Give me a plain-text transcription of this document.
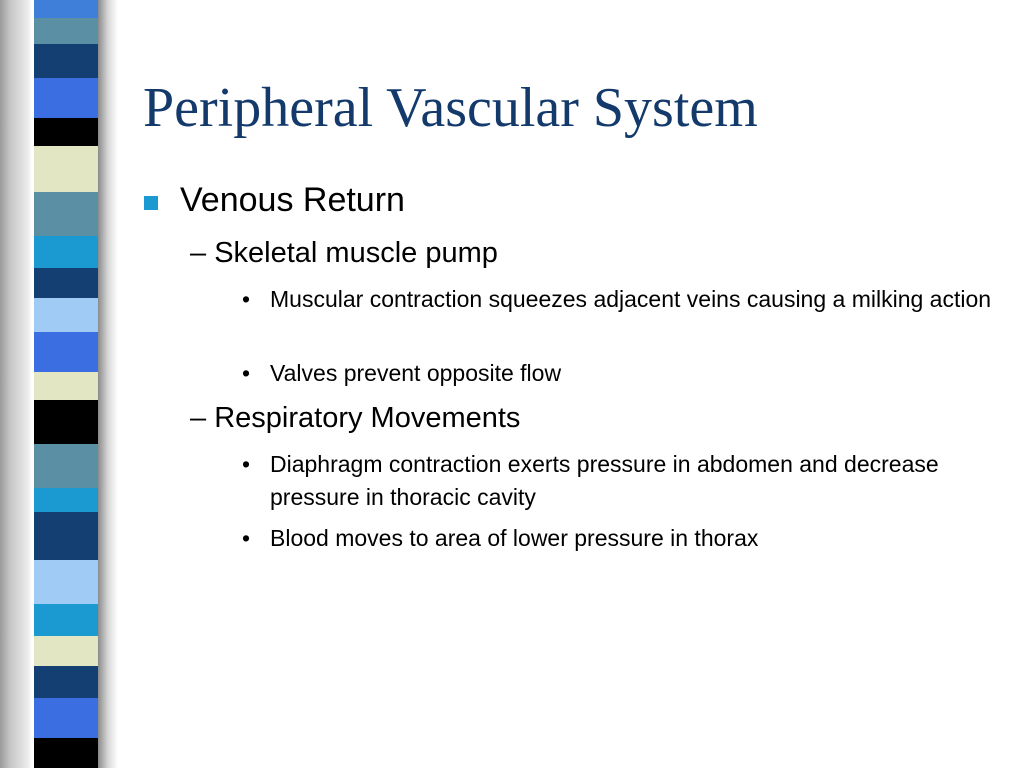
Peripheral Vascular System
Venous Return
– Skeletal muscle pump
• Muscular contraction squeezes adjacent veins causing a milking action
• Valves prevent opposite flow
– Respiratory Movements
• Diaphragm contraction exerts pressure in abdomen and decrease pressure in thoracic cavity
• Blood moves to area of lower pressure in thorax
